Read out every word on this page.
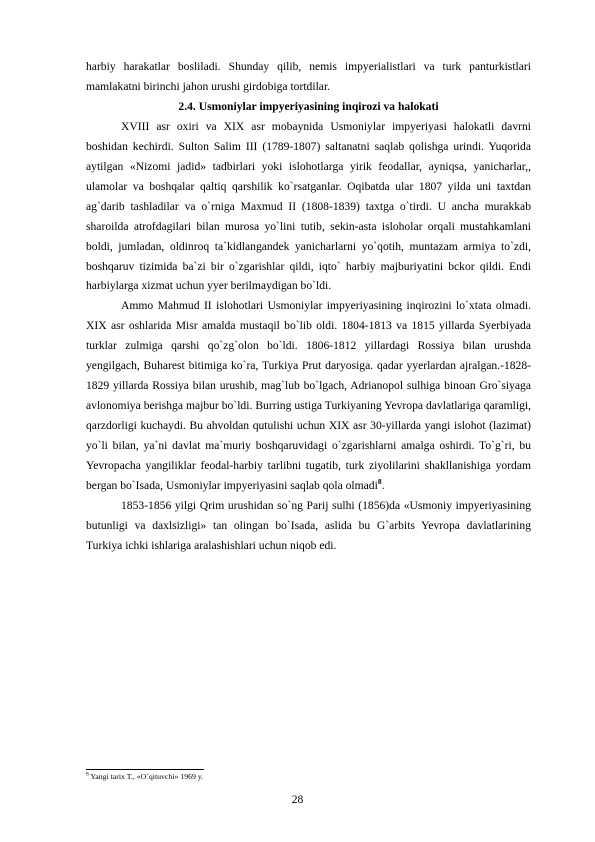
harbiy harakatlar bosliladi. Shunday qilib, nemis impyerialistlari va turk panturkistlari mamlakatni birinchi jahon urushi girdobiga tortdilar.

2.4. Usmoniylar impyeriyasining inqirozi va halokati

XVIII asr oxiri va XIX asr mobaynida Usmoniylar impyeriyasi halokatli davrni boshidan kechirdi. Sulton Salim III (1789-1807) saltanatni saqlab qolishga urindi. Yuqorida aytilgan «Nizomi jadid» tadbirlari yoki islohotlarga yirik feodallar, ayniqsa, yanicharlar,, ulamolar va boshqalar qaltiq qarshilik ko`rsatganlar. Oqibatda ular 1807 yilda uni taxtdan ag`darib tashladilar va o`rniga Maxmud II (1808-1839) taxtga o`tirdi. U ancha murakkab sharoilda atrofdagilari bilan murosa yo`lini tutib, sekin-asta isloholar orqali mustahkamlani boldi, jumladan, oldinroq ta`kidlangandek yanicharlarni yo`qotih, muntazam armiya to`zdi, boshqaruv tizimida ba`zi bir o`zgarishlar qildi, iqto` harbiy majburiyatini bckor qildi. Endi harbiylarga xizmat uchun yyer berilmaydigan bo`ldi.

Ammo Mahmud II islohotlari Usmoniylar impyeriyasining inqirozini lo`xtata olmadi. XIX asr oshlarida Misr amalda mustaqil bo`lib oldi. 1804-1813 va 1815 yillarda Syerbiyada turklar zulmiga qarshi qo`zg`olon bo`ldi. 1806-1812 yillardagi Rossiya bilan urushda yengilgach, Buharest bitimiga ko`ra, Turkiya Prut daryosiga. qadar yyerlardan ajralgan.-1828-1829 yillarda Rossiya bilan urushib, mag`lub bo`lgach, Adrianopol sulhiga binoan Gro`siyaga avlonomiya berishga majbur bo`ldi. Burring ustiga Turkiyaning Yevropa davlatlariga qaramligi, qarzdorligi kuchaydi. Bu ahvoldan qutulishi uchun XIX asr 30-yillarda yangi islohot (lazimat) yo`li bilan, ya`ni davlat ma`muriy boshqaruvidagi o`zgarishlarni amalga oshirdi. To`g`ri, bu Yevropacha yangiliklar feodal-harbiy tarlibni tugatib, turk ziyolilarini shakllanishiga yordam bergan bo`Isada, Usmoniylar impyeriyasini saqlab qola olmadi$^8$.

1853-1856 yilgi Qrim urushidan so`ng Parij sulhi (1856)da «Usmoniy impyeriyasining butunligi va daxlsizligi» tan olingan bo`Isada, aslida bu G`arbits Yevropa davlatlarining Turkiya ichki ishlariga aralashishlari uchun niqob edi.

$^8$ Yangi tarix T., «O`qituvchi» 1969 y.
28
